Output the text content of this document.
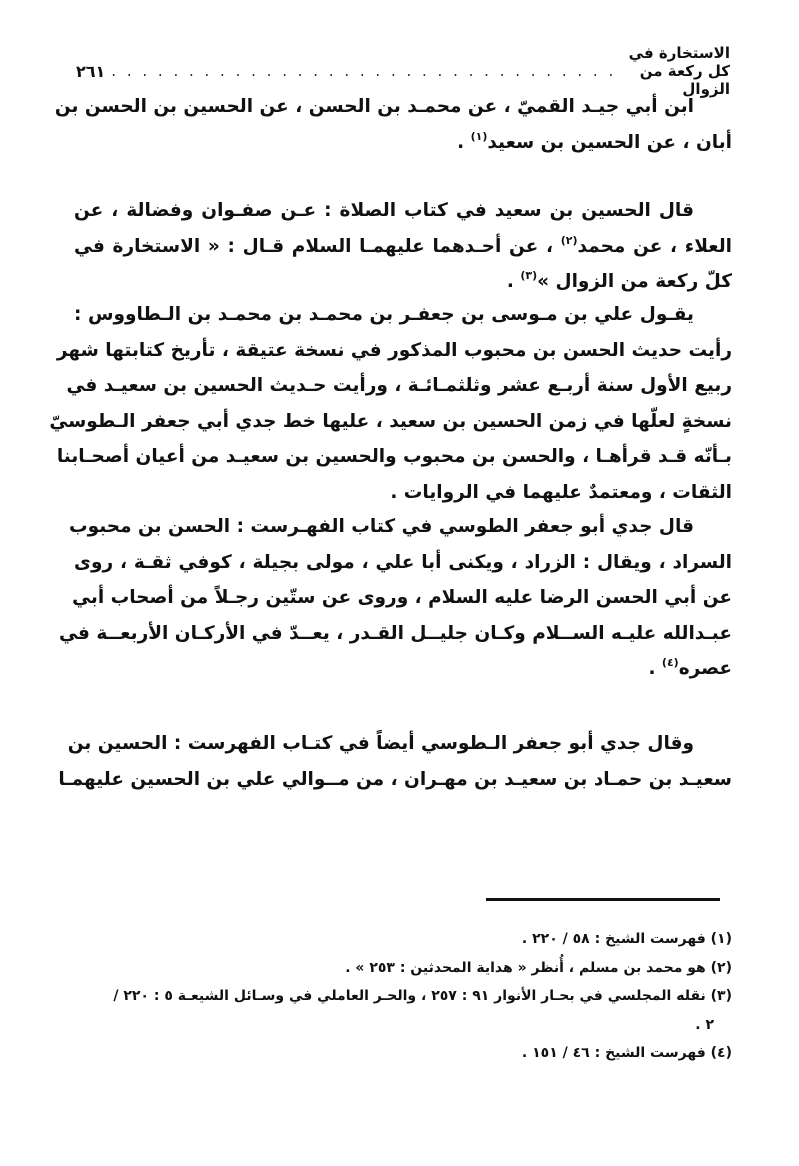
الاستخارة في كل ركعة من الزوال
. . . . . . . . . . . . . . . . . . . . . . . . . . . . . . . . .
٢٦١
ابن أبي جيـد القميّ ، عن محمـد بن الحسن ، عن الحسين بن الحسن بن
أبان ، عن الحسين بن سعيد$^{(١)}$ .
قال الحسين بن سعيد في كتاب الصلاة : عـن صفـوان وفضالة ، عن
العلاء ، عن محمد$^{(٢)}$ ، عن أحـدهما عليهمـا السلام قـال : « الاستخارة في
كلّ ركعة من الزوال »$^{(٣)}$ .
يقـول علي بن مـوسى بن جعفـر بن محمـد بن محمـد بن الـطاووس :
رأيت حديث الحسن بن محبوب المذكور في نسخة عتيقة ، تأريخ كتابتها شهر
ربيع الأول سنة أربـع عشر وثلثمـائـة ، ورأيت حـديث الحسين بن سعيـد في
نسخةٍ لعلّها في زمن الحسين بن سعيد ، عليها خط جدي أبي جعفر الـطوسيّ
بـأنّه قـد قرأهـا ، والحسن بن محبوب والحسين بن سعيـد من أعيان أصحـابنا
الثقات ، ومعتمدٌ عليهما في الروايات .
قال جدي أبو جعفر الطوسي في كتاب الفهـرست : الحسن بن محبوب
السراد ، ويقال : الزراد ، ويكنى أبا علي ، مولى بجيلة ، كوفي ثقـة ، روى
عن أبي الحسن الرضا عليه السلام ، وروى عن ستّين رجـلاً من أصحاب أبي
عبـدالله عليـه الســلام وكـان جليــل القـدر ، يعــدّ في الأركـان الأربعــة في
عصره$^{(٤)}$ .
وقال جدي أبو جعفر الـطوسي أيضاً في كتـاب الفهرست : الحسين بن
سعيـد بن حمـاد بن سعيـد بن مهـران ، من مــوالي علي بن الحسين عليهمـا
(١) فهرست الشيخ : ٥٨ / ٢٢٠ .
(٢) هو محمد بن مسلم ، أُنظر « هداية المحدثين : ٢٥٣ » .
(٣) نقله المجلسي في بحـار الأنوار ٩١ : ٢٥٧ ، والحـر العاملي في وسـائل الشيعـة ٥ : ٢٢٠ /
٢ .
(٤) فهرست الشيخ : ٤٦ / ١٥١ .
